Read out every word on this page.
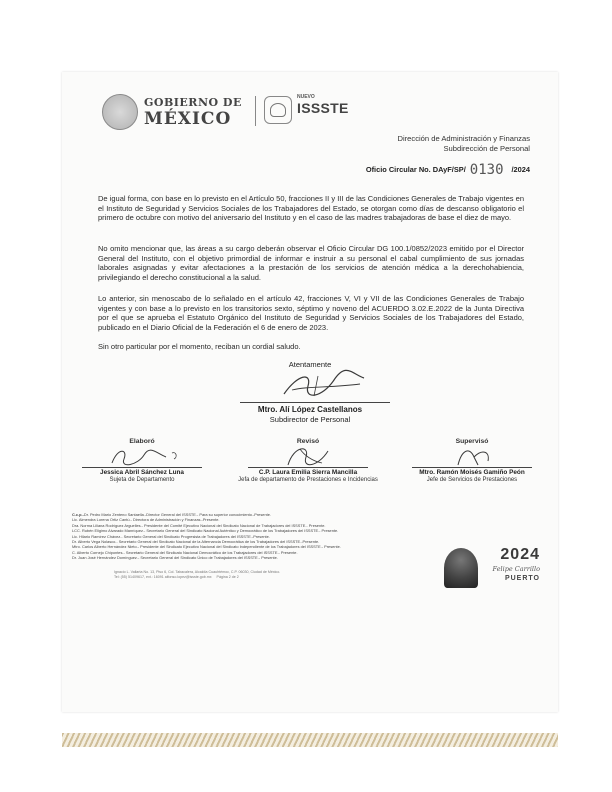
GOBIERNO DE
MÉXICO
NUEVO
ISSSTE
Dirección de Administración y Finanzas
Subdirección de Personal
Oficio Circular No. DAyF/SP/ 0130 /2024
De igual forma, con base en lo previsto en el Artículo 50, fracciones II y III de las Condiciones Generales de Trabajo vigentes en el Instituto de Seguridad y Servicios Sociales de los Trabajadores del Estado, se otorgan como días de descanso obligatorio el primero de octubre con motivo del aniversario del Instituto y en el caso de las madres trabajadoras de base el diez de mayo.
No omito mencionar que, las áreas a su cargo deberán observar el Oficio Circular DG 100.1/0852/2023 emitido por el Director General del Instituto, con el objetivo primordial de informar e instruir a su personal el cabal cumplimiento de sus jornadas laborales asignadas y evitar afectaciones a la prestación de los servicios de atención médica a la derechohabiencia, privilegiando el derecho constitucional a la salud.
Lo anterior, sin menoscabo de lo señalado en el artículo 42, fracciones V, VI y VII de las Condiciones Generales de Trabajo vigentes y con base a lo previsto en los transitorios sexto, séptimo y noveno del ACUERDO 3.02.E.2022 de la Junta Directiva por el que se aprueba el Estatuto Orgánico del Instituto de Seguridad y Servicios Sociales de los Trabajadores del Estado, publicado en el Diario Oficial de la Federación el 6 de enero de 2023.
Sin otro particular por el momento, reciban un cordial saludo.
Atentamente
Mtro. Alí López Castellanos
Subdirector de Personal
Elaboró
Jessica Abril Sánchez Luna
Sujeta de Departamento
Revisó
C.P. Laura Emilia Sierra Mancilla
Jefa de departamento de Prestaciones e Incidencias
Supervisó
Mtro. Ramón Moisés Gamiño Peón
Jefe de Servicios de Prestaciones
C.c.p.-Dr. Pedro Mario Zenteno Santaella.-Director General del ISSSTE.- Para su superior conocimiento.-Presente.
Lic. Almendra Lorena Ortiz Cantú.- Directora de Administración y Finanzas.-Presente.
Dra. Norma Liliana Rodríguez Arguelles.- Presidente del Comité Ejecutivo Nacional del Sindicato Nacional de Trabajadores del ISSSTE.- Presente.
LCC. Rubén Eligimo Alvarado Manríquez.- Secretario General del Sindicato Nacional Auténtico y Democrático de los Trabajadores del ISSSTE.- Presente.
Lic. Hilario Ramírez Chávez.- Secretario General del Sindicato Progresista de Trabajadores del ISSSTE.-Presente.
Dr. Alberto Vega Nolasco.- Secretario General del Sindicato Nacional de la Alternancia Democrática de los Trabajadores del ISSSTE.-Presente.
Mtro. Carlos Alberto Hernández Nieto.- Presidente del Sindicato Ejecutivo Nacional del Sindicato Independiente de los Trabajadores del ISSSTE.- Presente.
C. Alberto Cornejo Chipontes.- Secretario General del Sindicato Nacional Democrático de los Trabajadores del ISSSTE.- Presente.
Dr. Juan José Hernández Domínguez.- Secretario General del Sindicato Único de Trabajadores del ISSSTE.- Presente.
Ignacio L. Vallarta No. 13, Piso 6, Col. Tabacalera, Alcaldía Cuauhtémoc, C.P. 06030, Ciudad de México.
Tel: (55) 51409617, ext.: 16091 alfonso.lopez@issste.gob.mx Página 2 de 2
2024
Felipe Carrillo
PUERTO
